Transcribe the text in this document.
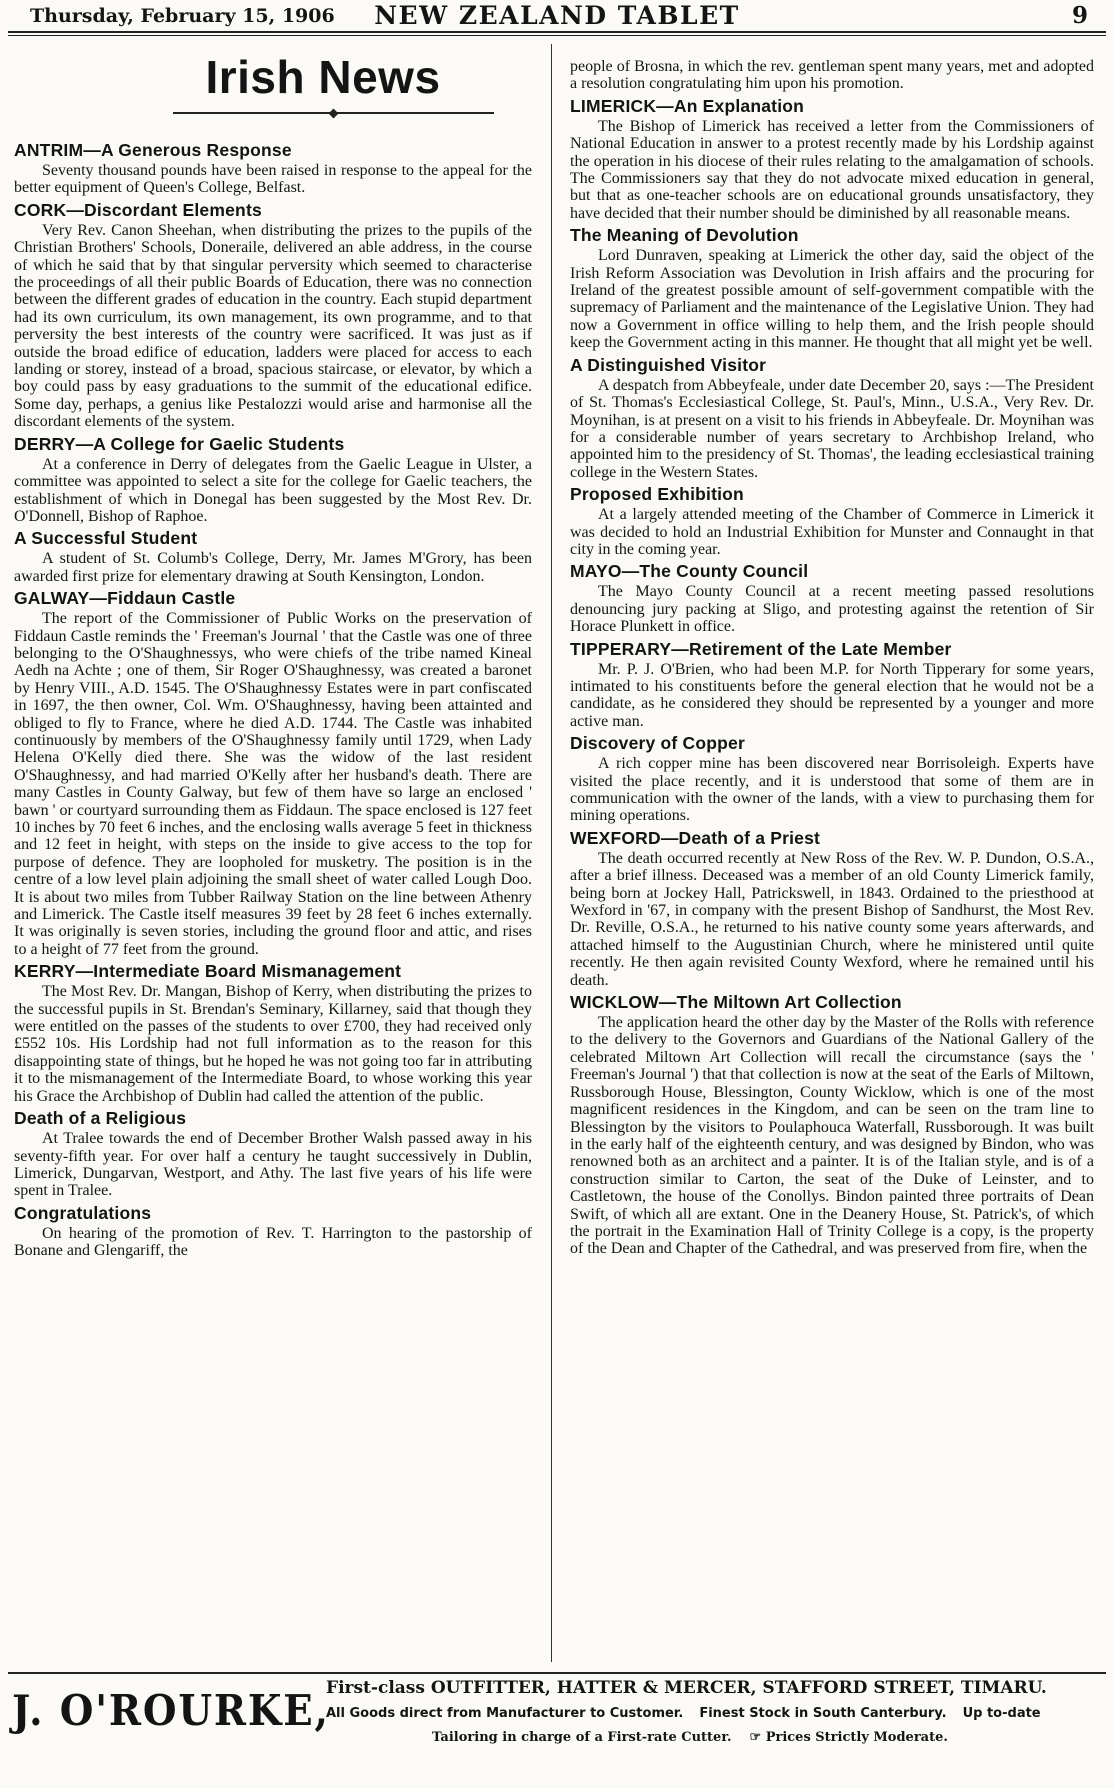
Thursday, February 15, 1906	NEW ZEALAND TABLET	9
Irish News
ANTRIM—A Generous Response

Seventy thousand pounds have been raised in response to the appeal for the better equipment of Queen's College, Belfast.

CORK—Discordant Elements

Very Rev. Canon Sheehan, when distributing the prizes to the pupils of the Christian Brothers' Schools, Doneraile, delivered an able address, in the course of which he said that by that singular perversity which seemed to characterise the proceedings of all their public Boards of Education, there was no connection between the different grades of education in the country. Each stupid department had its own curriculum, its own management, its own programme, and to that perversity the best interests of the country were sacrificed. It was just as if outside the broad edifice of education, ladders were placed for access to each landing or storey, instead of a broad, spacious staircase, or elevator, by which a boy could pass by easy graduations to the summit of the educational edifice. Some day, perhaps, a genius like Pestalozzi would arise and harmonise all the discordant elements of the system.

DERRY—A College for Gaelic Students

At a conference in Derry of delegates from the Gaelic League in Ulster, a committee was appointed to select a site for the college for Gaelic teachers, the establishment of which in Donegal has been suggested by the Most Rev. Dr. O'Donnell, Bishop of Raphoe.

A Successful Student

A student of St. Columb's College, Derry, Mr. James M'Grory, has been awarded first prize for elementary drawing at South Kensington, London.

GALWAY—Fiddaun Castle

The report of the Commissioner of Public Works on the preservation of Fiddaun Castle reminds the ' Freeman's Journal ' that the Castle was one of three belonging to the O'Shaughnessys, who were chiefs of the tribe named Kineal Aedh na Achte ; one of them, Sir Roger O'Shaughnessy, was created a baronet by Henry VIII., A.D. 1545. The O'Shaughnessy Estates were in part confiscated in 1697, the then owner, Col. Wm. O'Shaughnessy, having been attainted and obliged to fly to France, where he died A.D. 1744. The Castle was inhabited continuously by members of the O'Shaughnessy family until 1729, when Lady Helena O'Kelly died there. She was the widow of the last resident O'Shaughnessy, and had married O'Kelly after her husband's death. There are many Castles in County Galway, but few of them have so large an enclosed ' bawn ' or courtyard surrounding them as Fiddaun. The space enclosed is 127 feet 10 inches by 70 feet 6 inches, and the enclosing walls average 5 feet in thickness and 12 feet in height, with steps on the inside to give access to the top for purpose of defence. They are loopholed for musketry. The position is in the centre of a low level plain adjoining the small sheet of water called Lough Doo. It is about two miles from Tubber Railway Station on the line between Athenry and Limerick. The Castle itself measures 39 feet by 28 feet 6 inches externally. It was originally is seven stories, including the ground floor and attic, and rises to a height of 77 feet from the ground.

KERRY—Intermediate Board Mismanagement

The Most Rev. Dr. Mangan, Bishop of Kerry, when distributing the prizes to the successful pupils in St. Brendan's Seminary, Killarney, said that though they were entitled on the passes of the students to over £700, they had received only £552 10s. His Lordship had not full information as to the reason for this disappointing state of things, but he hoped he was not going too far in attributing it to the mismanagement of the Intermediate Board, to whose working this year his Grace the Archbishop of Dublin had called the attention of the public.

Death of a Religious

At Tralee towards the end of December Brother Walsh passed away in his seventy-fifth year. For over half a century he taught successively in Dublin, Limerick, Dungarvan, Westport, and Athy. The last five years of his life were spent in Tralee.

Congratulations

On hearing of the promotion of Rev. T. Harrington to the pastorship of Bonane and Glengariff, the

people of Brosna, in which the rev. gentleman spent many years, met and adopted a resolution congratulating him upon his promotion.

LIMERICK—An Explanation

The Bishop of Limerick has received a letter from the Commissioners of National Education in answer to a protest recently made by his Lordship against the operation in his diocese of their rules relating to the amalgamation of schools. The Commissioners say that they do not advocate mixed education in general, but that as one-teacher schools are on educational grounds unsatisfactory, they have decided that their number should be diminished by all reasonable means.

The Meaning of Devolution

Lord Dunraven, speaking at Limerick the other day, said the object of the Irish Reform Association was Devolution in Irish affairs and the procuring for Ireland of the greatest possible amount of self-government compatible with the supremacy of Parliament and the maintenance of the Legislative Union. They had now a Government in office willing to help them, and the Irish people should keep the Government acting in this manner. He thought that all might yet be well.

A Distinguished Visitor

A despatch from Abbeyfeale, under date December 20, says :—The President of St. Thomas's Ecclesiastical College, St. Paul's, Minn., U.S.A., Very Rev. Dr. Moynihan, is at present on a visit to his friends in Abbeyfeale. Dr. Moynihan was for a considerable number of years secretary to Archbishop Ireland, who appointed him to the presidency of St. Thomas', the leading ecclesiastical training college in the Western States.

Proposed Exhibition

At a largely attended meeting of the Chamber of Commerce in Limerick it was decided to hold an Industrial Exhibition for Munster and Connaught in that city in the coming year.

MAYO—The County Council

The Mayo County Council at a recent meeting passed resolutions denouncing jury packing at Sligo, and protesting against the retention of Sir Horace Plunkett in office.

TIPPERARY—Retirement of the Late Member

Mr. P. J. O'Brien, who had been M.P. for North Tipperary for some years, intimated to his constituents before the general election that he would not be a candidate, as he considered they should be represented by a younger and more active man.

Discovery of Copper

A rich copper mine has been discovered near Borrisoleigh. Experts have visited the place recently, and it is understood that some of them are in communication with the owner of the lands, with a view to purchasing them for mining operations.

WEXFORD—Death of a Priest

The death occurred recently at New Ross of the Rev. W. P. Dundon, O.S.A., after a brief illness. Deceased was a member of an old County Limerick family, being born at Jockey Hall, Patrickswell, in 1843. Ordained to the priesthood at Wexford in '67, in company with the present Bishop of Sandhurst, the Most Rev. Dr. Reville, O.S.A., he returned to his native county some years afterwards, and attached himself to the Augustinian Church, where he ministered until quite recently. He then again revisited County Wexford, where he remained until his death.

WICKLOW—The Miltown Art Collection

The application heard the other day by the Master of the Rolls with reference to the delivery to the Governors and Guardians of the National Gallery of the celebrated Miltown Art Collection will recall the circumstance (says the ' Freeman's Journal ') that that collection is now at the seat of the Earls of Miltown, Russborough House, Blessington, County Wicklow, which is one of the most magnificent residences in the Kingdom, and can be seen on the tram line to Blessington by the visitors to Poulaphouca Waterfall, Russborough. It was built in the early half of the eighteenth century, and was designed by Bindon, who was renowned both as an architect and a painter. It is of the Italian style, and is of a construction similar to Carton, the seat of the Duke of Leinster, and to Castletown, the house of the Conollys. Bindon painted three portraits of Dean Swift, of which all are extant. One in the Deanery House, St. Patrick's, of which the portrait in the Examination Hall of Trinity College is a copy, is the property of the Dean and Chapter of the Cathedral, and was preserved from fire, when the

J. O'ROURKE,
First-class OUTFITTER, HATTER & MERCER, STAFFORD STREET, TIMARU.
All Goods direct from Manufacturer to Customer. Finest Stock in South Canterbury. Up to-date
Tailoring in charge of a First-rate Cutter. ☞ Prices Strictly Moderate.
